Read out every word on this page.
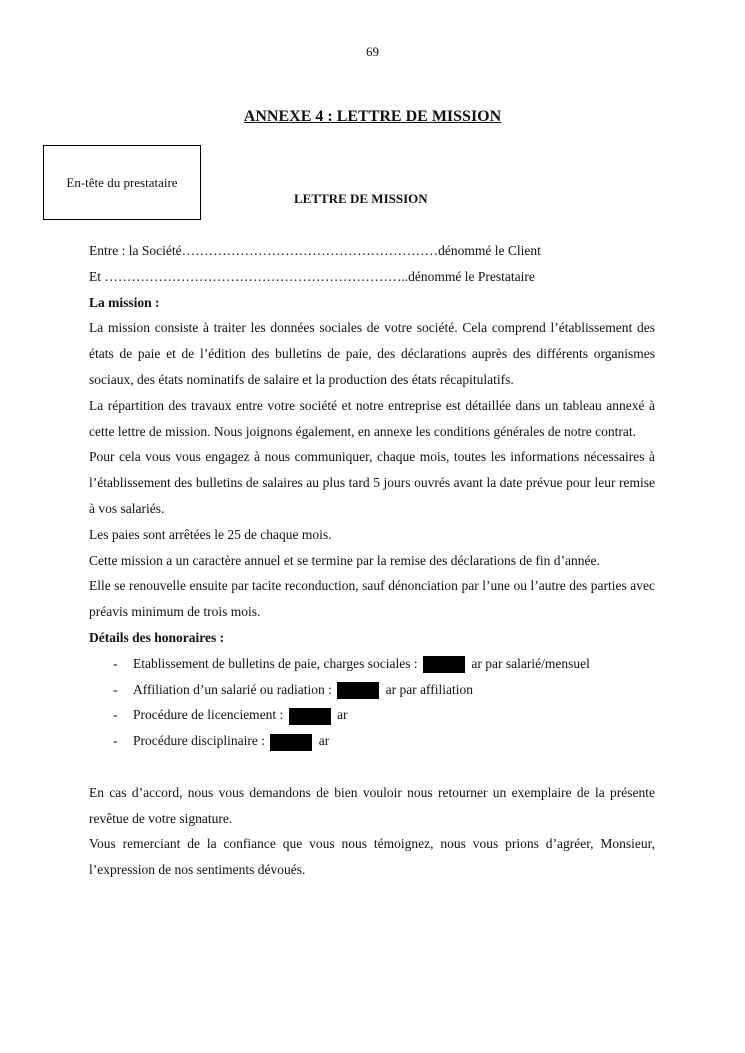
69
ANNEXE 4 : LETTRE DE MISSION
En-tête du prestataire
LETTRE DE MISSION

Entre : la Société…………………………………………………dénommé le Client

Et …………………………………………………………..dénommé le Prestataire

La mission :

La mission consiste à traiter les données sociales de votre société. Cela comprend l’établissement des états de paie et de l’édition des bulletins de paie, des déclarations auprès des différents organismes sociaux, des états nominatifs de salaire et la production des états récapitulatifs.

La répartition des travaux entre votre société et notre entreprise est détaillée dans un tableau annexé à cette lettre de mission. Nous joignons également, en annexe les conditions générales de notre contrat.

Pour cela vous vous engagez à nous communiquer, chaque mois, toutes les informations nécessaires à l’établissement des bulletins de salaires au plus tard 5 jours ouvrés avant la date prévue pour leur remise à vos salariés.

Les paies sont arrêtées le 25 de chaque mois.

Cette mission a un caractère annuel et se termine par la remise des déclarations de fin d’année.

Elle se renouvelle ensuite par tacite reconduction, sauf dénonciation par l’une ou l’autre des parties avec préavis minimum de trois mois.

Détails des honoraires :

- Etablissement de bulletins de paie, charges sociales :	ar par salarié/mensuel
- Affiliation d’un salarié ou radiation :	ar par affiliation
- Procédure de licenciement :	ar
- Procédure disciplinaire :	ar

En cas d’accord, nous vous demandons de bien vouloir nous retourner un exemplaire de la présente revêtue de votre signature.

Vous remerciant de la confiance que vous nous témoignez, nous vous prions d’agréer, Monsieur, l’expression de nos sentiments dévoués.
